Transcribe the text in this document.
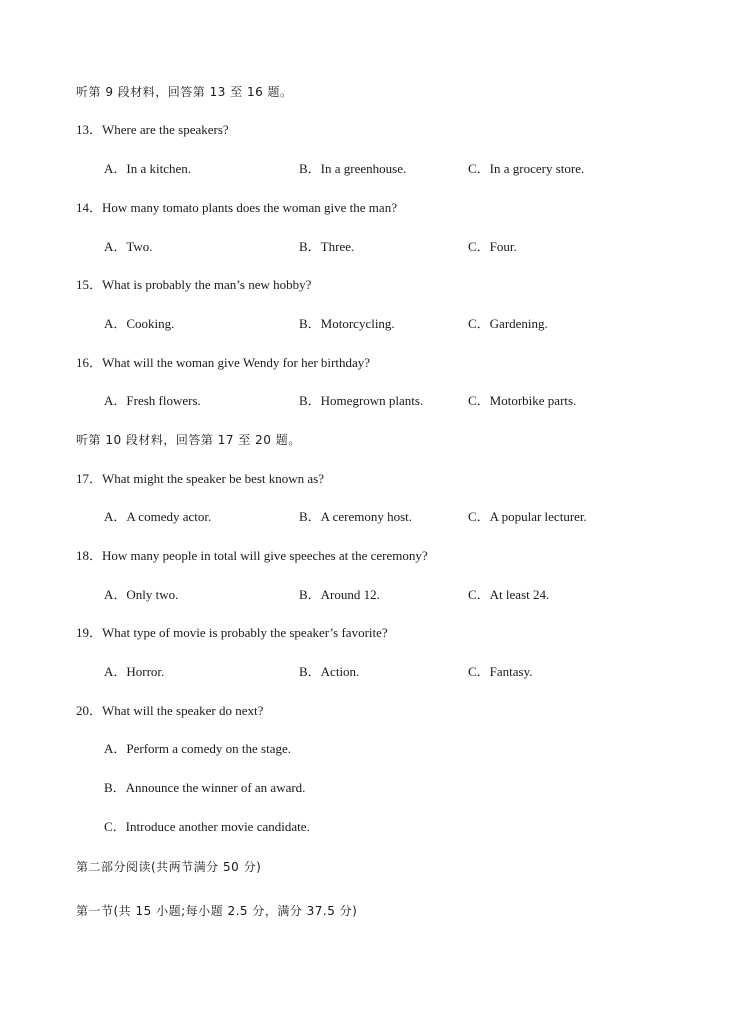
听第 9 段材料，回答第 13 至 16 题。
13．Where are the speakers?
A．In a kitchen.	B．In a greenhouse.	C．In a grocery store.
14．How many tomato plants does the woman give the man?
A．Two.	B．Three.	C．Four.
15．What is probably the man’s new hobby?
A．Cooking.	B．Motorcycling.	C．Gardening.
16．What will the woman give Wendy for her birthday?
A．Fresh flowers.	B．Homegrown plants.	C．Motorbike parts.
听第 10 段材料，回答第 17 至 20 题。
17．What might the speaker be best known as?
A．A comedy actor.	B．A ceremony host.	C．A popular lecturer.
18．How many people in total will give speeches at the ceremony?
A．Only two.	B．Around 12.	C．At least 24.
19．What type of movie is probably the speaker’s favorite?
A．Horror.	B．Action.	C．Fantasy.
20．What will the speaker do next?
A．Perform a comedy on the stage.
B．Announce the winner of an award.
C．Introduce another movie candidate.
第二部分阅读(共两节满分 50 分)
第一节(共 15 小题;每小题 2.5 分，满分 37.5 分)
